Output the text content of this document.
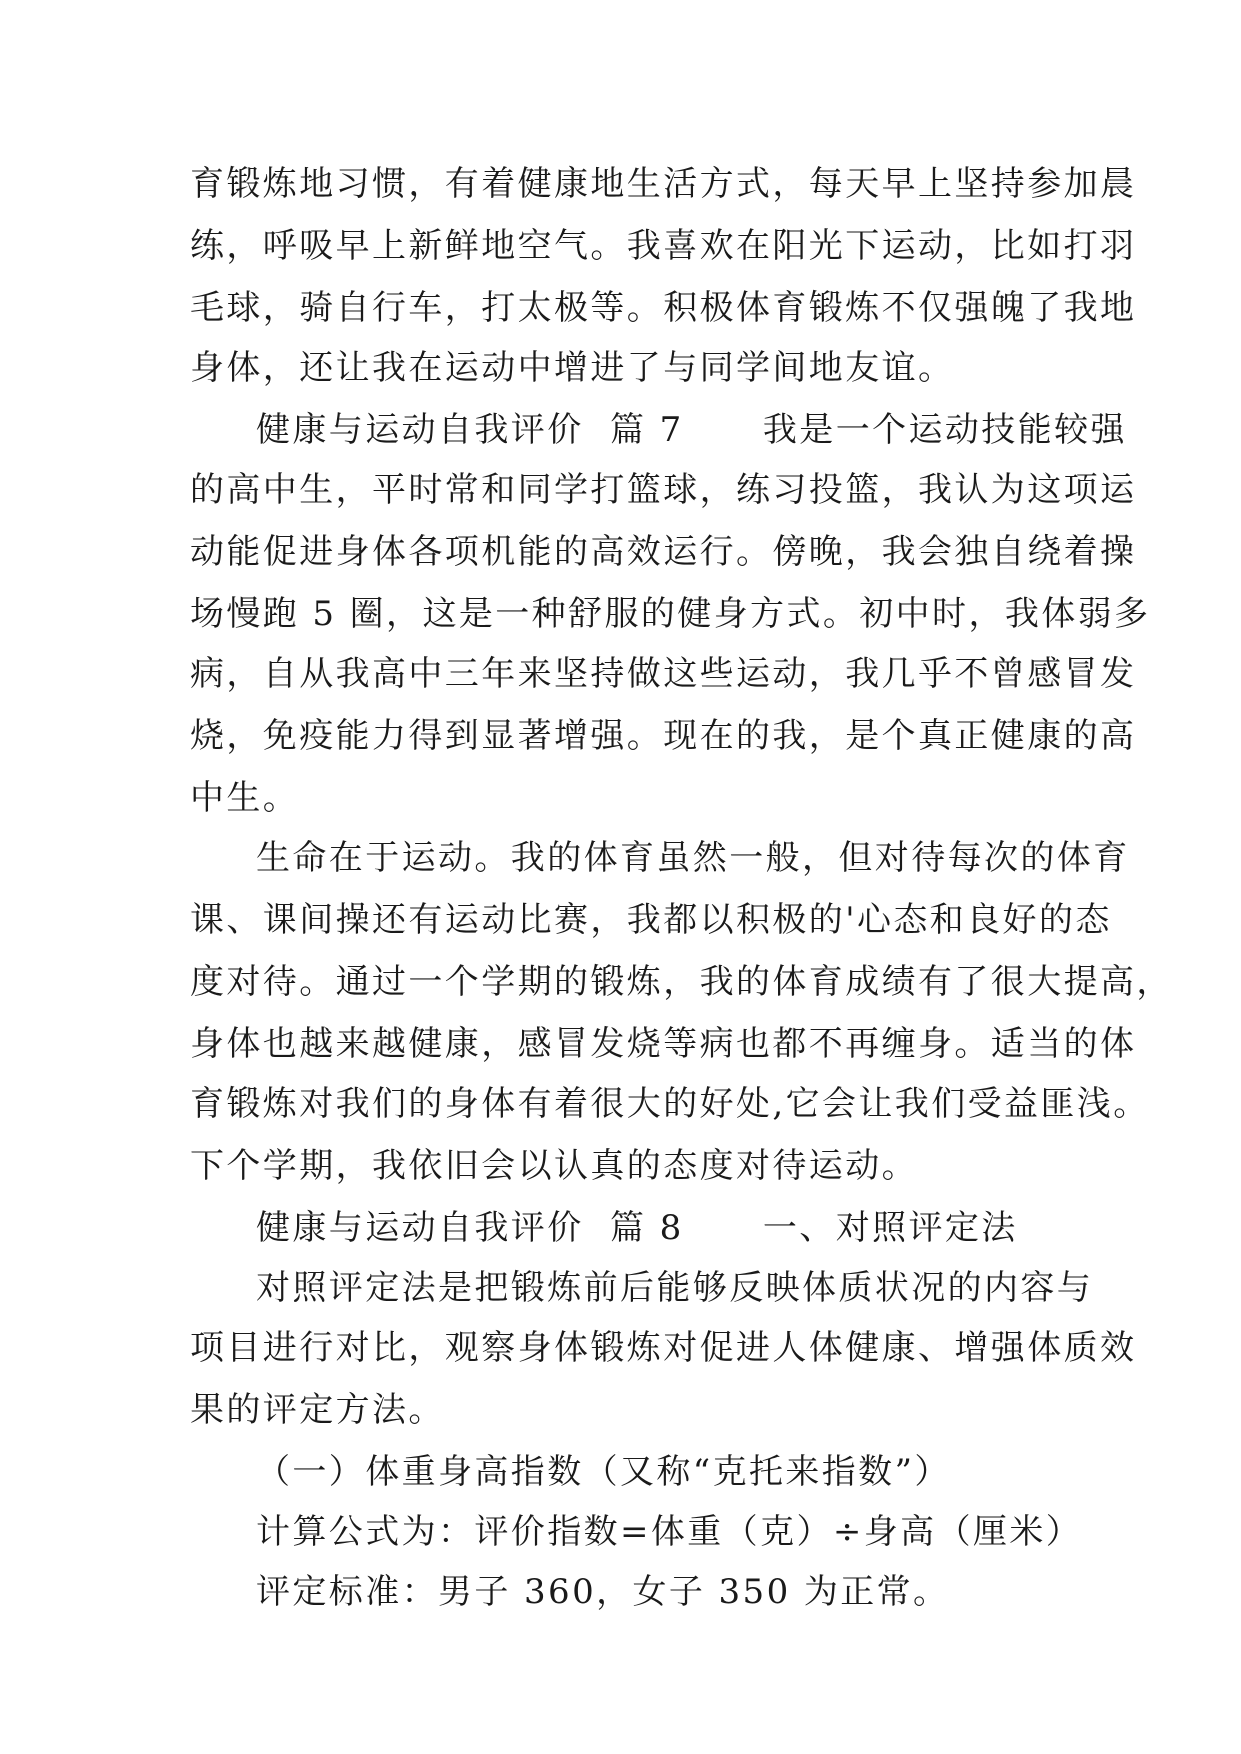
育锻炼地习惯，有着健康地生活方式，每天早上坚持参加晨
练，呼吸早上新鲜地空气。我喜欢在阳光下运动，比如打羽
毛球，骑自行车，打太极等。积极体育锻炼不仅强魄了我地
身体，还让我在运动中增进了与同学间地友谊。
健康与运动自我评价  篇 7      我是一个运动技能较强
的高中生，平时常和同学打篮球，练习投篮，我认为这项运
动能促进身体各项机能的高效运行。傍晚，我会独自绕着操
场慢跑 5 圈，这是一种舒服的健身方式。初中时，我体弱多
病，自从我高中三年来坚持做这些运动，我几乎不曾感冒发
烧，免疫能力得到显著增强。现在的我，是个真正健康的高
中生。
生命在于运动。我的体育虽然一般，但对待每次的体育
课、课间操还有运动比赛，我都以积极的'心态和良好的态
度对待。通过一个学期的锻炼，我的体育成绩有了很大提高，
身体也越来越健康，感冒发烧等病也都不再缠身。适当的体
育锻炼对我们的身体有着很大的好处,它会让我们受益匪浅。
下个学期，我依旧会以认真的态度对待运动。
健康与运动自我评价  篇 8      一、对照评定法
对照评定法是把锻炼前后能够反映体质状况的内容与
项目进行对比，观察身体锻炼对促进人体健康、增强体质效
果的评定方法。
（一）体重身高指数（又称“克托来指数”）
计算公式为：评价指数=体重（克）÷身高（厘米）
评定标准：男子 360，女子 350 为正常。
